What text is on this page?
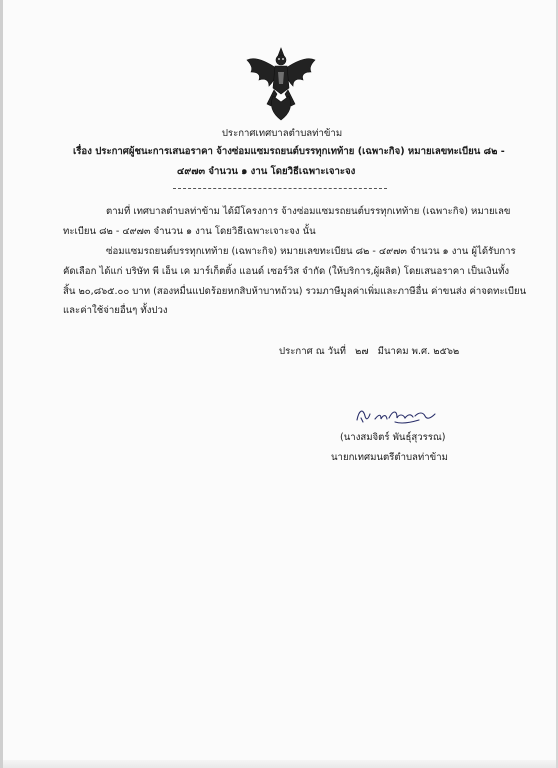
ประกาศเทศบาลตำบลท่าข้าม
เรื่อง ประกาศผู้ชนะการเสนอราคา จ้างซ่อมแซมรถยนต์บรรทุกเทท้าย (เฉพาะกิจ) หมายเลขทะเบียน ๘๒ -
๔๙๗๓ จำนวน ๑ งาน โดยวิธีเฉพาะเจาะจง
ตามที่ เทศบาลตำบลท่าข้าม ได้มีโครงการ จ้างซ่อมแซมรถยนต์บรรทุกเทท้าย (เฉพาะกิจ) หมายเลข
ทะเบียน ๘๒ - ๔๙๗๓ จำนวน ๑ งาน โดยวิธีเฉพาะเจาะจง นั้น
ซ่อมแซมรถยนต์บรรทุกเทท้าย (เฉพาะกิจ) หมายเลขทะเบียน ๘๒ - ๔๙๗๓ จำนวน ๑ งาน ผู้ได้รับการ
คัดเลือก ได้แก่ บริษัท พี เอ็น เค มาร์เก็ตติ้ง แอนด์ เซอร์วิส จำกัด (ให้บริการ,ผู้ผลิต) โดยเสนอราคา เป็นเงินทั้ง
สิ้น ๒๐,๘๖๕.๐๐ บาท (สองหมื่นแปดร้อยหกสิบห้าบาทถ้วน) รวมภาษีมูลค่าเพิ่มและภาษีอื่น ค่าขนส่ง ค่าจดทะเบียน
และค่าใช้จ่ายอื่นๆ ทั้งปวง
ประกาศ ณ วันที่ ๒๗ มีนาคม พ.ศ. ๒๕๖๒
(นางสมจิตร์ พันธุ์สุวรรณ)
นายกเทศมนตรีตำบลท่าข้าม
